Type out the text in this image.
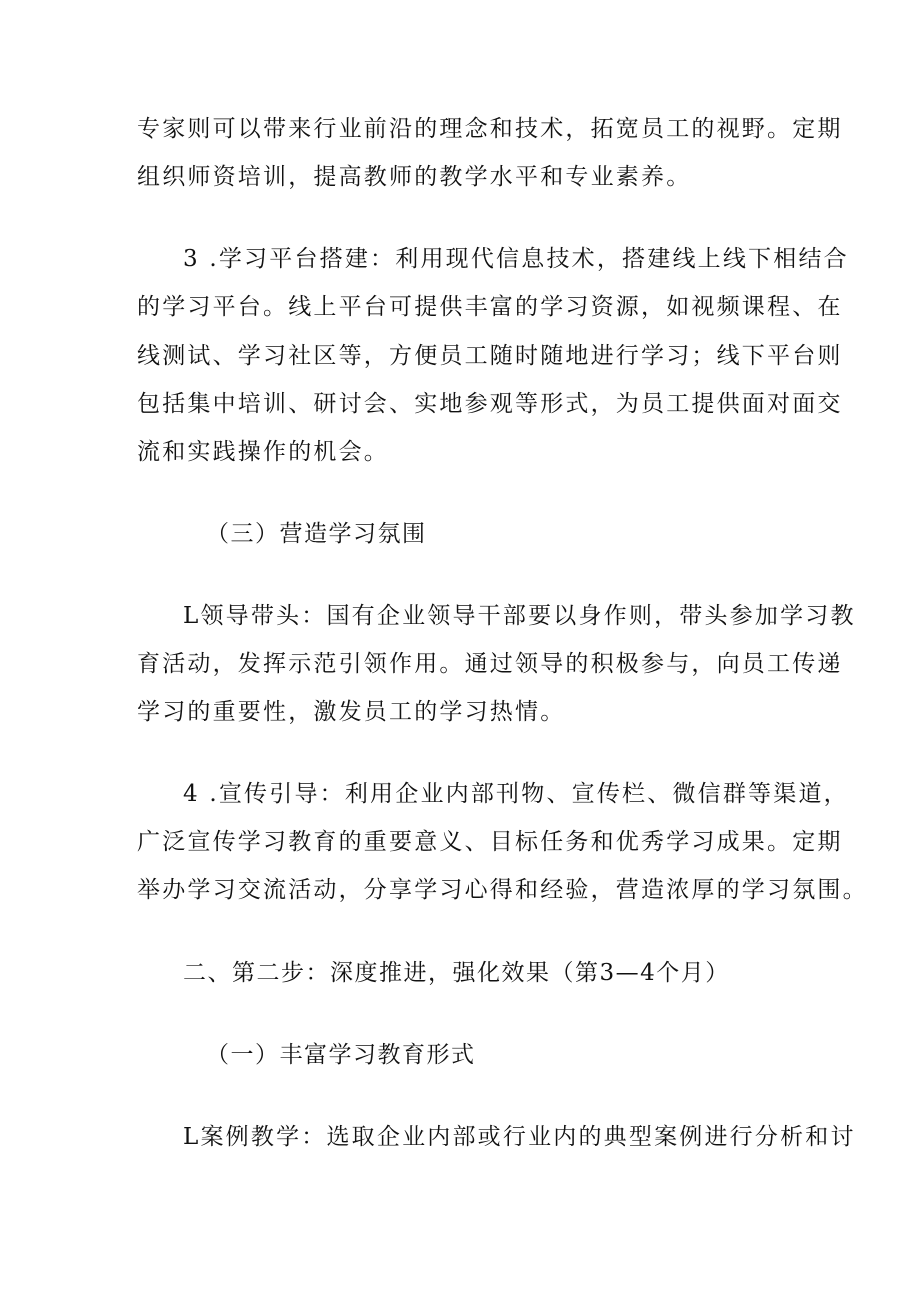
专家则可以带来行业前沿的理念和技术，拓宽员工的视野。定期
组织师资培训，提高教师的教学水平和专业素养。
3 .学习平台搭建：利用现代信息技术，搭建线上线下相结合
的学习平台。线上平台可提供丰富的学习资源，如视频课程、在
线测试、学习社区等，方便员工随时随地进行学习；线下平台则
包括集中培训、研讨会、实地参观等形式，为员工提供面对面交
流和实践操作的机会。
（三）营造学习氛围
L领导带头：国有企业领导干部要以身作则，带头参加学习教
育活动，发挥示范引领作用。通过领导的积极参与，向员工传递
学习的重要性，激发员工的学习热情。
4 .宣传引导：利用企业内部刊物、宣传栏、微信群等渠道，
广泛宣传学习教育的重要意义、目标任务和优秀学习成果。定期
举办学习交流活动，分享学习心得和经验，营造浓厚的学习氛围。
二、第二步：深度推进，强化效果（第3—4个月）
（一）丰富学习教育形式
L案例教学：选取企业内部或行业内的典型案例进行分析和讨
